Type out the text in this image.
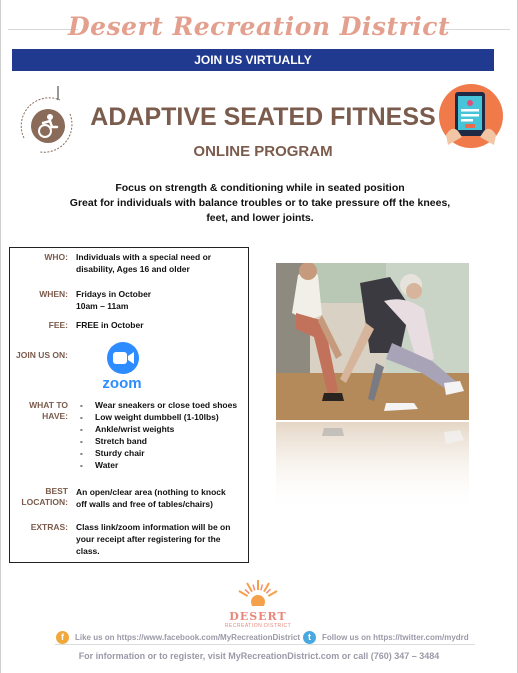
Desert Recreation District
JOIN US VIRTUALLY
ADAPTIVE SEATED FITNESS
ONLINE PROGRAM
Focus on strength & conditioning while in seated position
Great for individuals with balance troubles or to take pressure off the knees,
feet, and lower joints.
WHO: Individuals with a special need or
disability, Ages 16 and older
WHEN: Fridays in October
10am – 11am
FEE: FREE in October
JOIN US ON:
zoom
WHAT TO
HAVE:
- Wear sneakers or close toed shoes
- Low weight dumbbell (1-10lbs)
- Ankle/wrist weights
- Stretch band
- Sturdy chair
- Water
BEST
LOCATION:
An open/clear area (nothing to knock
off walls and free of tables/chairs)
EXTRAS: Class link/zoom information will be on
your receipt after registering for the
class.
DESERT
RECREATION DISTRICT
f	Like us on https://www.facebook.com/MyRecreationDistrict t	Follow us on https://twitter.com/mydrd
For information or to register, visit MyRecreationDistrict.com or call (760) 347 – 3484
